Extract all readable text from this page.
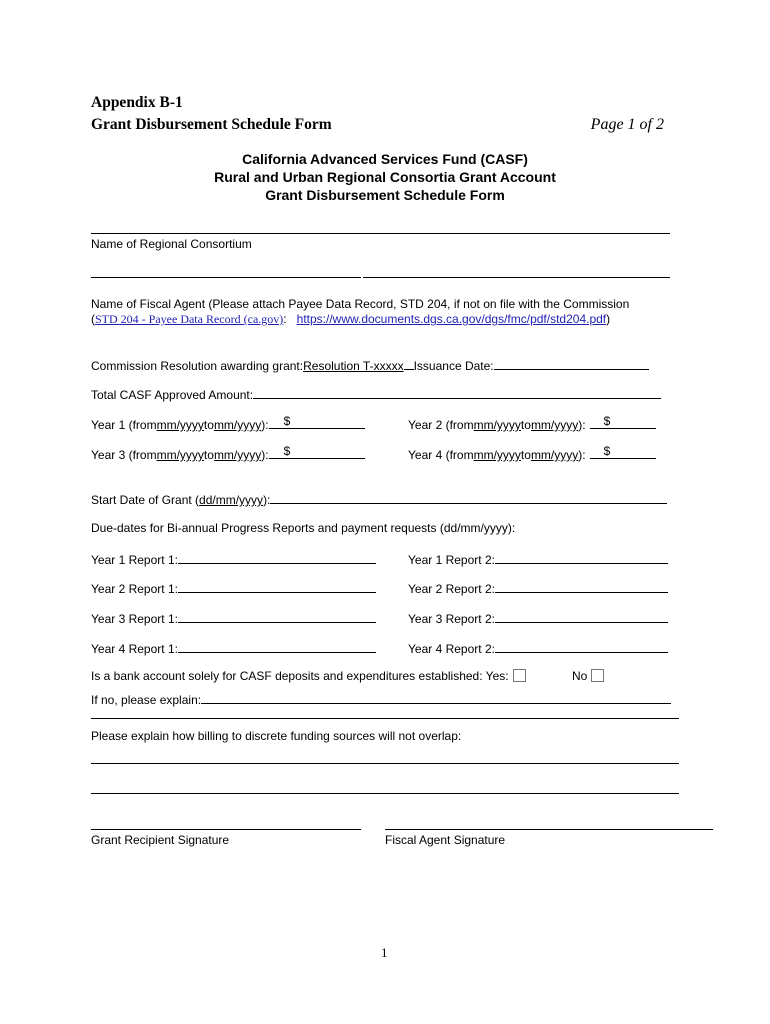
Appendix B-1
Grant Disbursement Schedule Form	Page 1 of 2
California Advanced Services Fund (CASF)
Rural and Urban Regional Consortia Grant Account
Grant Disbursement Schedule Form
Name of Regional Consortium
Name of Fiscal Agent (Please attach Payee Data Record, STD 204, if not on file with the Commission
(STD 204 - Payee Data Record (ca.gov): https://www.documents.dgs.ca.gov/dgs/fmc/pdf/std204.pdf)
Commission Resolution awarding grant: Resolution T-xxxxx Issuance Date:
Total CASF Approved Amount:
Year 1 (from mm/yyyy to mm/yyyy ): $	Year 2 (from mm/yyyy to mm/yyyy ): $
Year 3 (from mm/yyyy to mm/yyyy ): $	Year 4 (from mm/yyyy to mm/yyyy ): $
Start Date of Grant ( dd/mm/yyyy ):
Due-dates for Bi-annual Progress Reports and payment requests (dd/mm/yyyy):
Year 1 Report 1:	Year 1 Report 2:
Year 2 Report 1:	Year 2 Report 2:
Year 3 Report 1:	Year 3 Report 2:
Year 4 Report 1:	Year 4 Report 2:
Is a bank account solely for CASF deposits and expenditures established: Yes:	No
If no, please explain:
Please explain how billing to discrete funding sources will not overlap:
Grant Recipient Signature	Fiscal Agent Signature
1
